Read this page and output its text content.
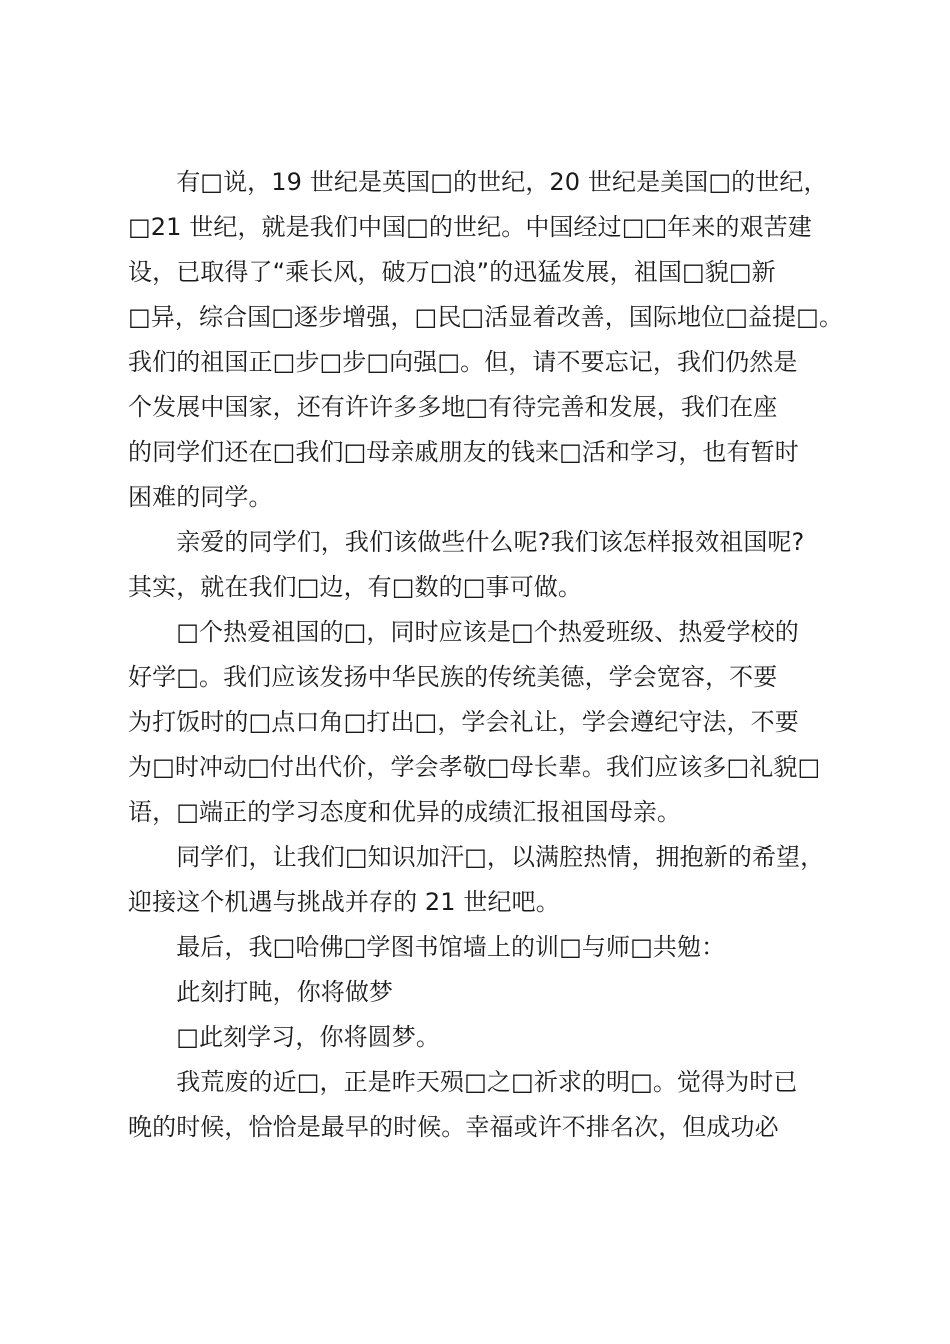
　　有□说，19 世纪是英国□的世纪，20 世纪是美国□的世纪，
□21 世纪，就是我们中国□的世纪。中国经过□□年来的艰苦建
设，已取得了“乘长风，破万□浪”的迅猛发展，祖国□貌□新
□异，综合国□逐步增强，□民□活显着改善，国际地位□益提□。
我们的祖国正□步□步□向强□。但，请不要忘记，我们仍然是
个发展中国家，还有许许多多地□有待完善和发展，我们在座
的同学们还在□我们□母亲戚朋友的钱来□活和学习，也有暂时
困难的同学。
　　亲爱的同学们，我们该做些什么呢?我们该怎样报效祖国呢?
其实，就在我们□边，有□数的□事可做。
　　□个热爱祖国的□，同时应该是□个热爱班级、热爱学校的
好学□。我们应该发扬中华民族的传统美德，学会宽容，不要
为打饭时的□点口角□打出□，学会礼让，学会遵纪守法，不要
为□时冲动□付出代价，学会孝敬□母长辈。我们应该多□礼貌□
语，□端正的学习态度和优异的成绩汇报祖国母亲。
　　同学们，让我们□知识加汗□，以满腔热情，拥抱新的希望，
迎接这个机遇与挑战并存的 21 世纪吧。
　　最后，我□哈佛□学图书馆墙上的训□与师□共勉：
　　此刻打盹，你将做梦
　　□此刻学习，你将圆梦。
　　我荒废的近□，正是昨天殒□之□祈求的明□。觉得为时已
晚的时候，恰恰是最早的时候。幸福或许不排名次，但成功必
